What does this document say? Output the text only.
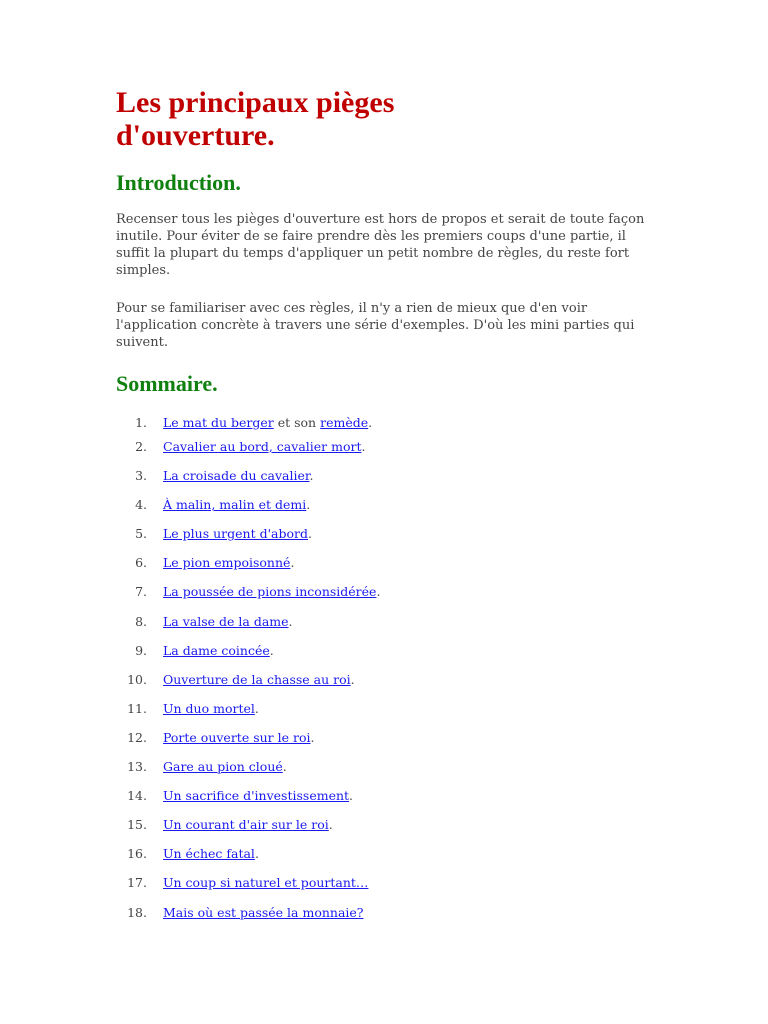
Les principaux pièges d'ouverture.
Introduction.

Recenser tous les pièges d'ouverture est hors de propos et serait de toute façon inutile. Pour éviter de se faire prendre dès les premiers coups d'une partie, il suffit la plupart du temps d'appliquer un petit nombre de règles, du reste fort simples.

Pour se familiariser avec ces règles, il n'y a rien de mieux que d'en voir l'application concrète à travers une série d'exemples. D'où les mini parties qui suivent.

Sommaire.
1. Le mat du berger et son remède.
2. Cavalier au bord, cavalier mort.
3. La croisade du cavalier.
4. À malin, malin et demi.
5. Le plus urgent d'abord.
6. Le pion empoisonné.
7. La poussée de pions inconsidérée.
8. La valse de la dame.
9. La dame coincée.
10. Ouverture de la chasse au roi.
11. Un duo mortel.
12. Porte ouverte sur le roi.
13. Gare au pion cloué.
14. Un sacrifice d'investissement.
15. Un courant d'air sur le roi.
16. Un échec fatal.
17. Un coup si naturel et pourtant…
18. Mais où est passée la monnaie?
